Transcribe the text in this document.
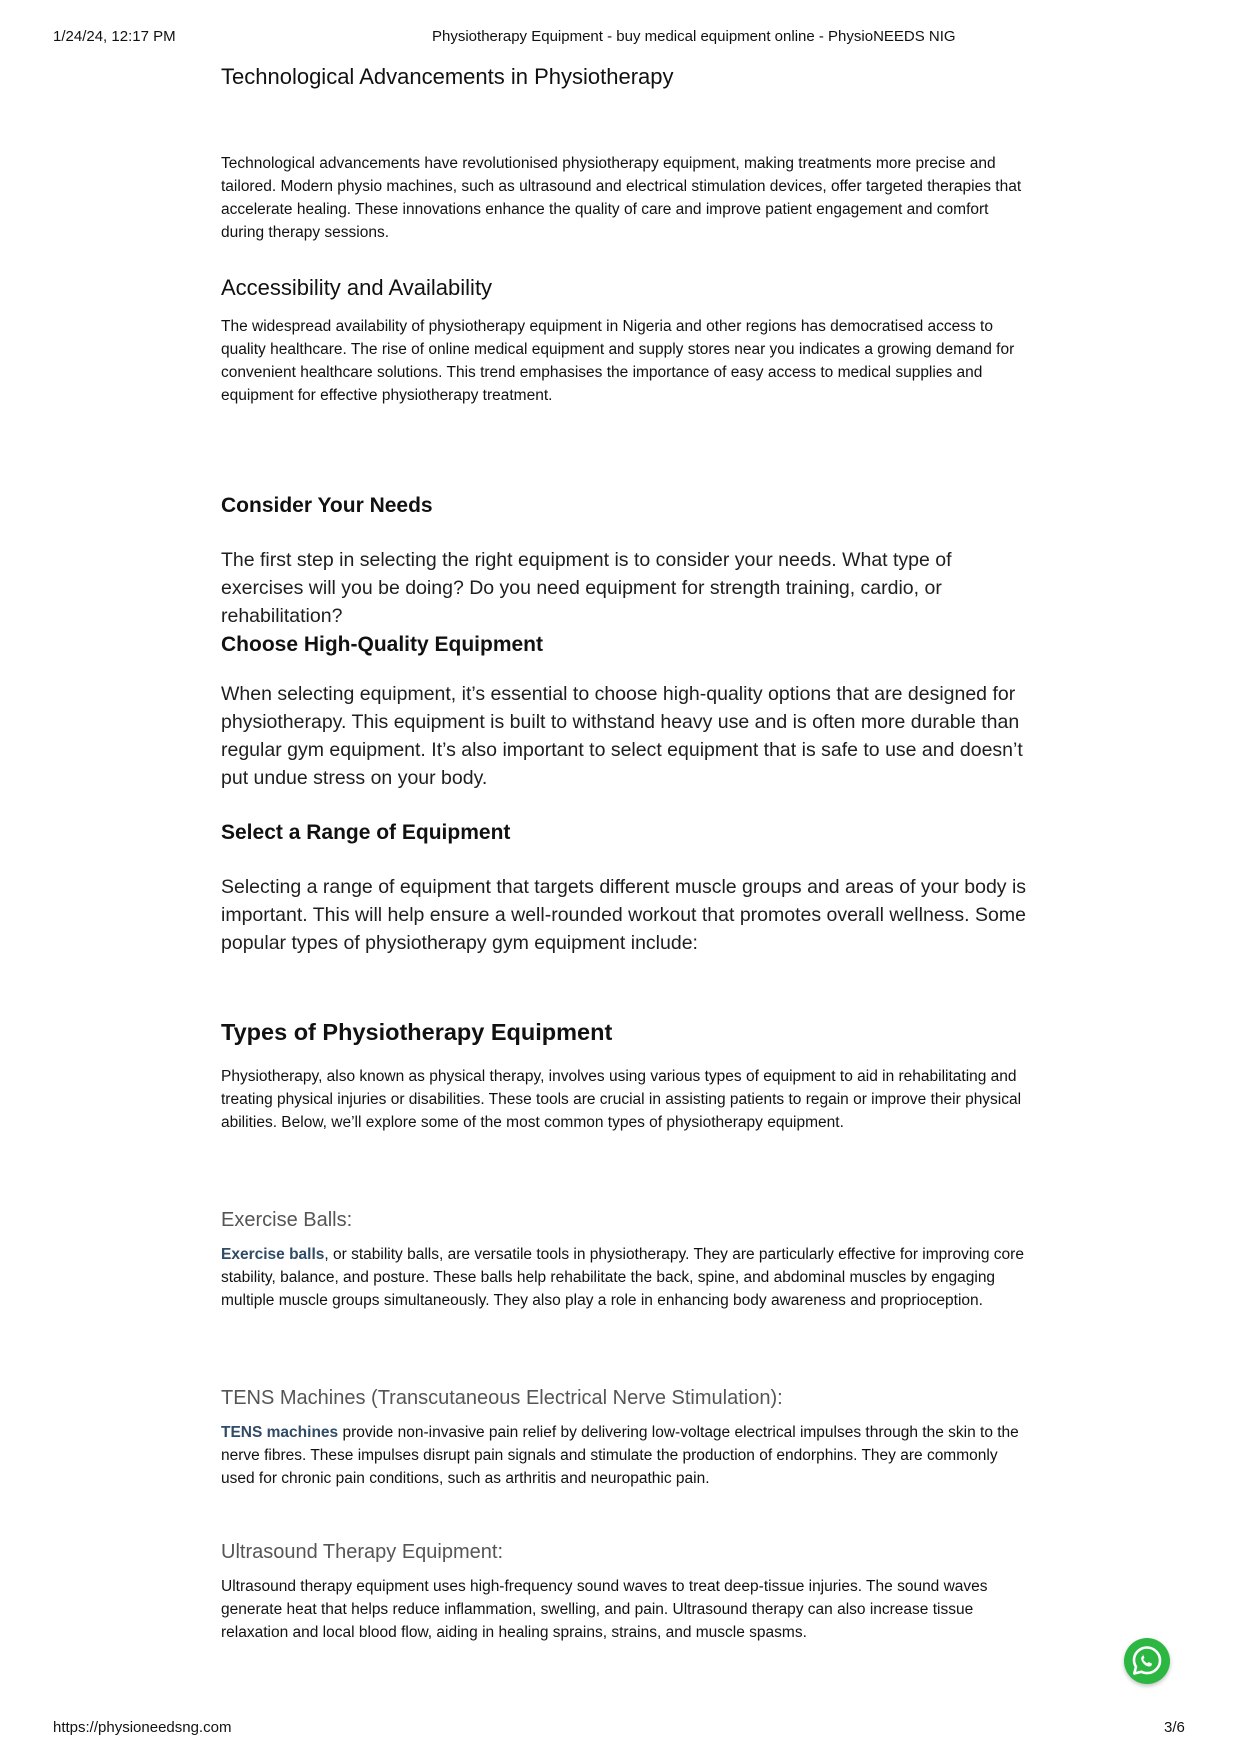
1/24/24, 12:17 PM	Physiotherapy Equipment - buy medical equipment online - PhysioNEEDS NIG
Technological Advancements in Physiotherapy

Technological advancements have revolutionised physiotherapy equipment, making treatments more precise and tailored. Modern physio machines, such as ultrasound and electrical stimulation devices, offer targeted therapies that accelerate healing. These innovations enhance the quality of care and improve patient engagement and comfort during therapy sessions.

Accessibility and Availability

The widespread availability of physiotherapy equipment in Nigeria and other regions has democratised access to quality healthcare. The rise of online medical equipment and supply stores near you indicates a growing demand for convenient healthcare solutions. This trend emphasises the importance of easy access to medical supplies and equipment for effective physiotherapy treatment.

Consider Your Needs

The first step in selecting the right equipment is to consider your needs. What type of exercises will you be doing? Do you need equipment for strength training, cardio, or rehabilitation?

Choose High-Quality Equipment

When selecting equipment, it’s essential to choose high-quality options that are designed for physiotherapy. This equipment is built to withstand heavy use and is often more durable than regular gym equipment. It’s also important to select equipment that is safe to use and doesn’t put undue stress on your body.

Select a Range of Equipment

Selecting a range of equipment that targets different muscle groups and areas of your body is important. This will help ensure a well-rounded workout that promotes overall wellness. Some popular types of physiotherapy gym equipment include:

Types of Physiotherapy Equipment

Physiotherapy, also known as physical therapy, involves using various types of equipment to aid in rehabilitating and treating physical injuries or disabilities. These tools are crucial in assisting patients to regain or improve their physical abilities. Below, we’ll explore some of the most common types of physiotherapy equipment.

Exercise Balls:

Exercise balls, or stability balls, are versatile tools in physiotherapy. They are particularly effective for improving core stability, balance, and posture. These balls help rehabilitate the back, spine, and abdominal muscles by engaging multiple muscle groups simultaneously. They also play a role in enhancing body awareness and proprioception.

TENS Machines (Transcutaneous Electrical Nerve Stimulation):

TENS machines provide non-invasive pain relief by delivering low-voltage electrical impulses through the skin to the nerve fibres. These impulses disrupt pain signals and stimulate the production of endorphins. They are commonly used for chronic pain conditions, such as arthritis and neuropathic pain.

Ultrasound Therapy Equipment:

Ultrasound therapy equipment uses high-frequency sound waves to treat deep-tissue injuries. The sound waves generate heat that helps reduce inflammation, swelling, and pain. Ultrasound therapy can also increase tissue relaxation and local blood flow, aiding in healing sprains, strains, and muscle spasms.

https://physioneedsng.com	3/6
